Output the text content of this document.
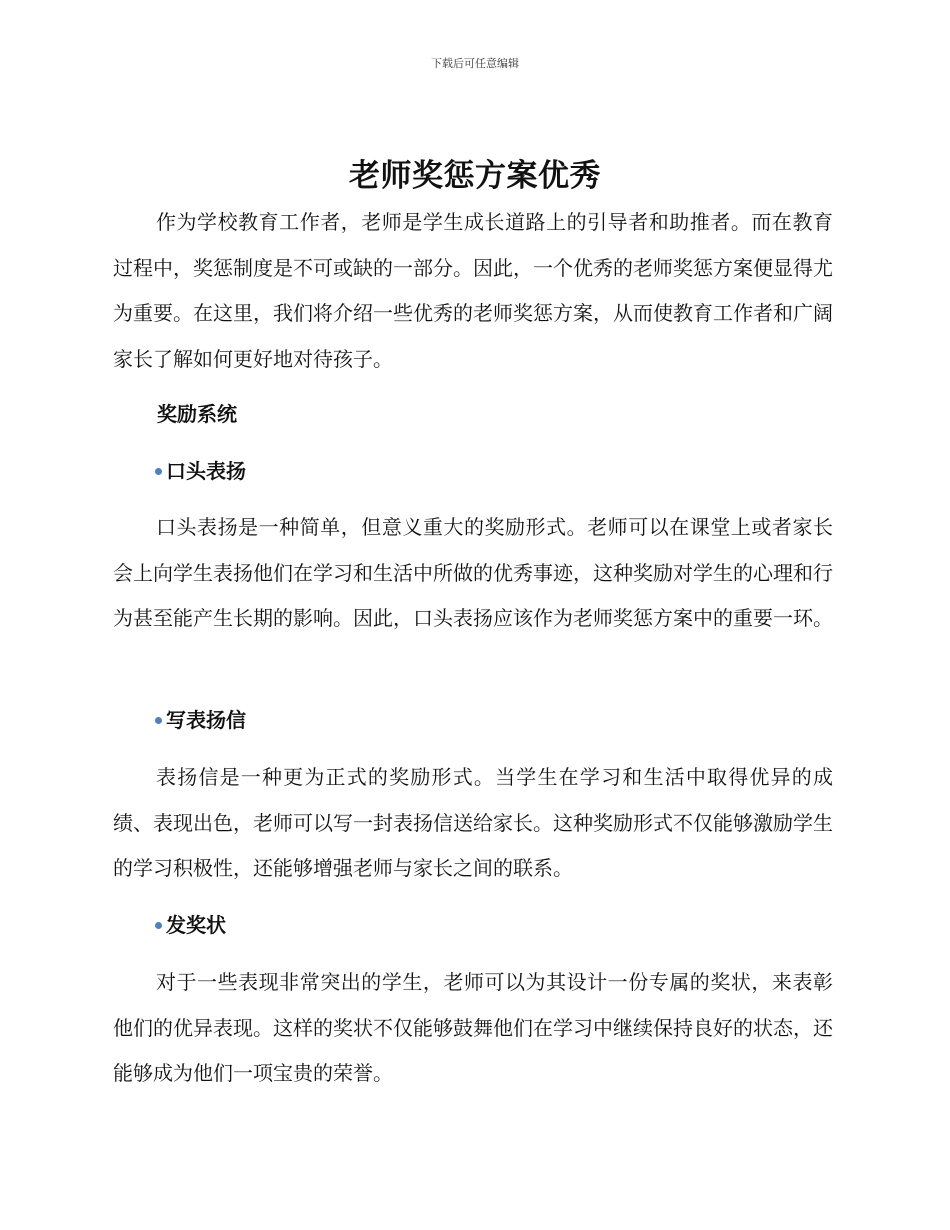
下载后可任意编辑
老师奖惩方案优秀

作为学校教育工作者，老师是学生成长道路上的引导者和助推者。而在教育过程中，奖惩制度是不可或缺的一部分。因此，一个优秀的老师奖惩方案便显得尤为重要。在这里，我们将介绍一些优秀的老师奖惩方案，从而使教育工作者和广阔家长了解如何更好地对待孩子。

奖励系统
口头表扬

口头表扬是一种简单，但意义重大的奖励形式。老师可以在课堂上或者家长会上向学生表扬他们在学习和生活中所做的优秀事迹，这种奖励对学生的心理和行为甚至能产生长期的影响。因此，口头表扬应该作为老师奖惩方案中的重要一环。

写表扬信

表扬信是一种更为正式的奖励形式。当学生在学习和生活中取得优异的成绩、表现出色，老师可以写一封表扬信送给家长。这种奖励形式不仅能够激励学生的学习积极性，还能够增强老师与家长之间的联系。

发奖状

对于一些表现非常突出的学生，老师可以为其设计一份专属的奖状，来表彰他们的优异表现。这样的奖状不仅能够鼓舞他们在学习中继续保持良好的状态，还能够成为他们一项宝贵的荣誉。
